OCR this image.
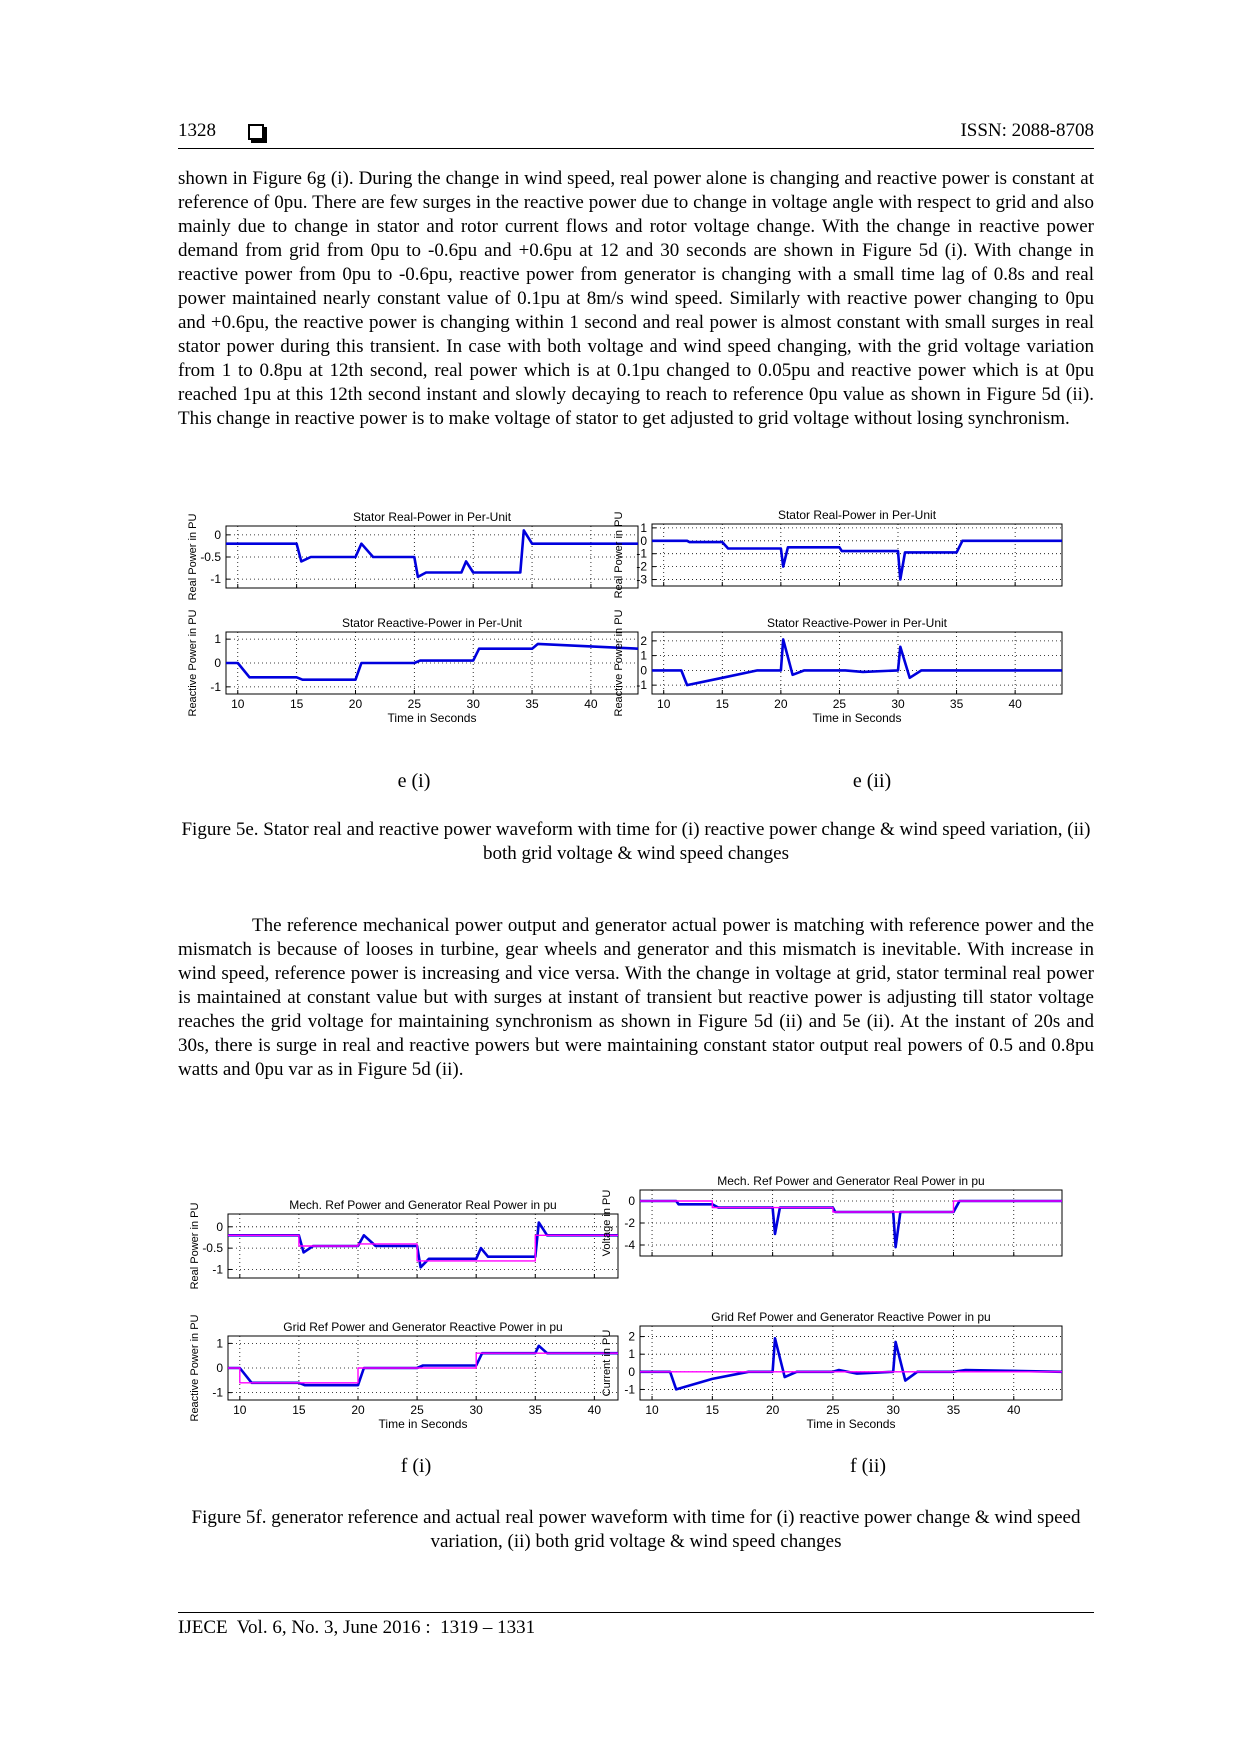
1328	ISSN: 2088-8708

shown in Figure 6g (i). During the change in wind speed, real power alone is changing and reactive power is constant at reference of 0pu. There are few surges in the reactive power due to change in voltage angle with respect to grid and also mainly due to change in stator and rotor current flows and rotor voltage change. With the change in reactive power demand from grid from 0pu to -0.6pu and +0.6pu at 12 and 30 seconds are shown in Figure 5d (i). With change in reactive power from 0pu to -0.6pu, reactive power from generator is changing with a small time lag of 0.8s and real power maintained nearly constant value of 0.1pu at 8m/s wind speed. Similarly with reactive power changing to 0pu and +0.6pu, the reactive power is changing within 1 second and real power is almost constant with small surges in real stator power during this transient. In case with both voltage and wind speed changing, with the grid voltage variation from 1 to 0.8pu at 12th second, real power which is at 0.1pu changed to 0.05pu and reactive power which is at 0pu reached 1pu at this 12th second instant and slowly decaying to reach to reference 0pu value as shown in Figure 5d (ii). This change in reactive power is to make voltage of stator to get adjusted to grid voltage without losing synchronism.

0
-0.5
-1
Stator Real-Power in Per-Unit
Real Power in PU
10	15	20	25	30	35	40
1
0
-1
Stator Reactive-Power in Per-Unit
Reactive Power in PU
Time in Seconds
1
0
-1
-2
-3
Stator Real-Power in Per-Unit
Real Power in PU
10	15	20	25	30	35	40
2
1
0
-1
Stator Reactive-Power in Per-Unit
Reactive Power in PU
Time in Seconds
e (i)	e (ii)

Figure 5e. Stator real and reactive power waveform with time for (i) reactive power change & wind speed variation, (ii) both grid voltage & wind speed changes

The reference mechanical power output and generator actual power is matching with reference power and the mismatch is because of looses in turbine, gear wheels and generator and this mismatch is inevitable. With increase in wind speed, reference power is increasing and vice versa. With the change in voltage at grid, stator terminal real power is maintained at constant value but with surges at instant of transient but reactive power is adjusting till stator voltage reaches the grid voltage for maintaining synchronism as shown in Figure 5d (ii) and 5e (ii). At the instant of 20s and 30s, there is surge in real and reactive powers but were maintaining constant stator output real powers of 0.5 and 0.8pu watts and 0pu var as in Figure 5d (ii).

0
-0.5
-1
Mech. Ref Power and Generator Real Power in pu
Real Power in PU
10	15	20	25	30	35	40
1
0
-1
Grid Ref Power and Generator Reactive Power in pu
Reactive Power in PU
Time in Seconds
0
-2
-4
Mech. Ref Power and Generator Real Power in pu
Voltage in PU
10	15	20	25	30	35	40
2
1
0
-1
Grid Ref Power and Generator Reactive Power in pu
Current in PU
Time in Seconds
f (i)	f (ii)

Figure 5f. generator reference and actual real power waveform with time for (i) reactive power change & wind speed variation, (ii) both grid voltage & wind speed changes

IJECE  Vol. 6, No. 3, June 2016 :  1319 – 1331
